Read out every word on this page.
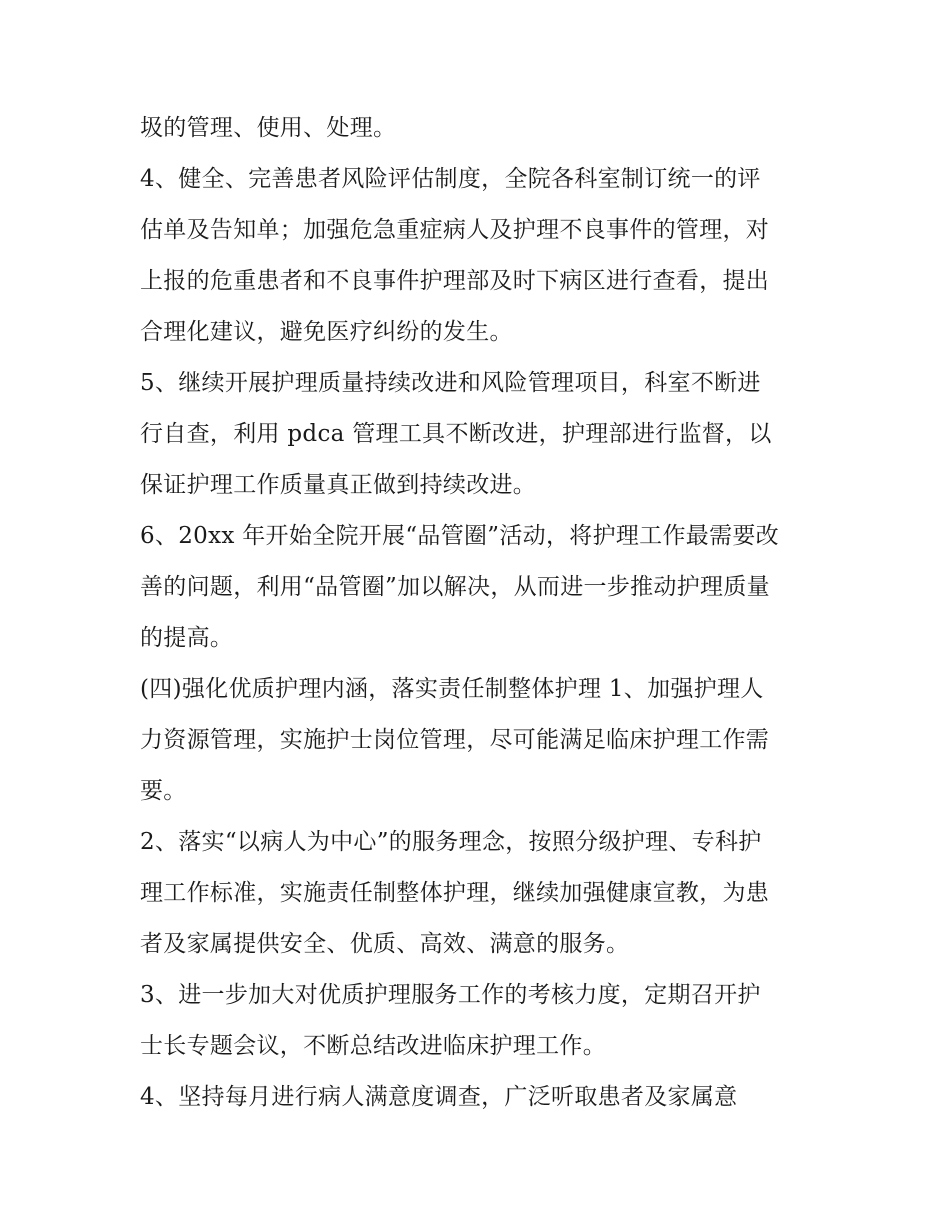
圾的管理、使用、处理。
4、健全、完善患者风险评估制度，全院各科室制订统一的评
估单及告知单；加强危急重症病人及护理不良事件的管理，对
上报的危重患者和不良事件护理部及时下病区进行查看，提出
合理化建议，避免医疗纠纷的发生。
5、继续开展护理质量持续改进和风险管理项目，科室不断进
行自查，利用 pdca 管理工具不断改进，护理部进行监督，以
保证护理工作质量真正做到持续改进。
6、20xx 年开始全院开展“品管圈”活动，将护理工作最需要改
善的问题，利用“品管圈”加以解决，从而进一步推动护理质量
的提高。
(四)强化优质护理内涵，落实责任制整体护理 1、加强护理人
力资源管理，实施护士岗位管理，尽可能满足临床护理工作需
要。
2、落实“以病人为中心”的服务理念，按照分级护理、专科护
理工作标准，实施责任制整体护理，继续加强健康宣教，为患
者及家属提供安全、优质、高效、满意的服务。
3、进一步加大对优质护理服务工作的考核力度，定期召开护
士长专题会议，不断总结改进临床护理工作。
4、坚持每月进行病人满意度调查，广泛听取患者及家属意
